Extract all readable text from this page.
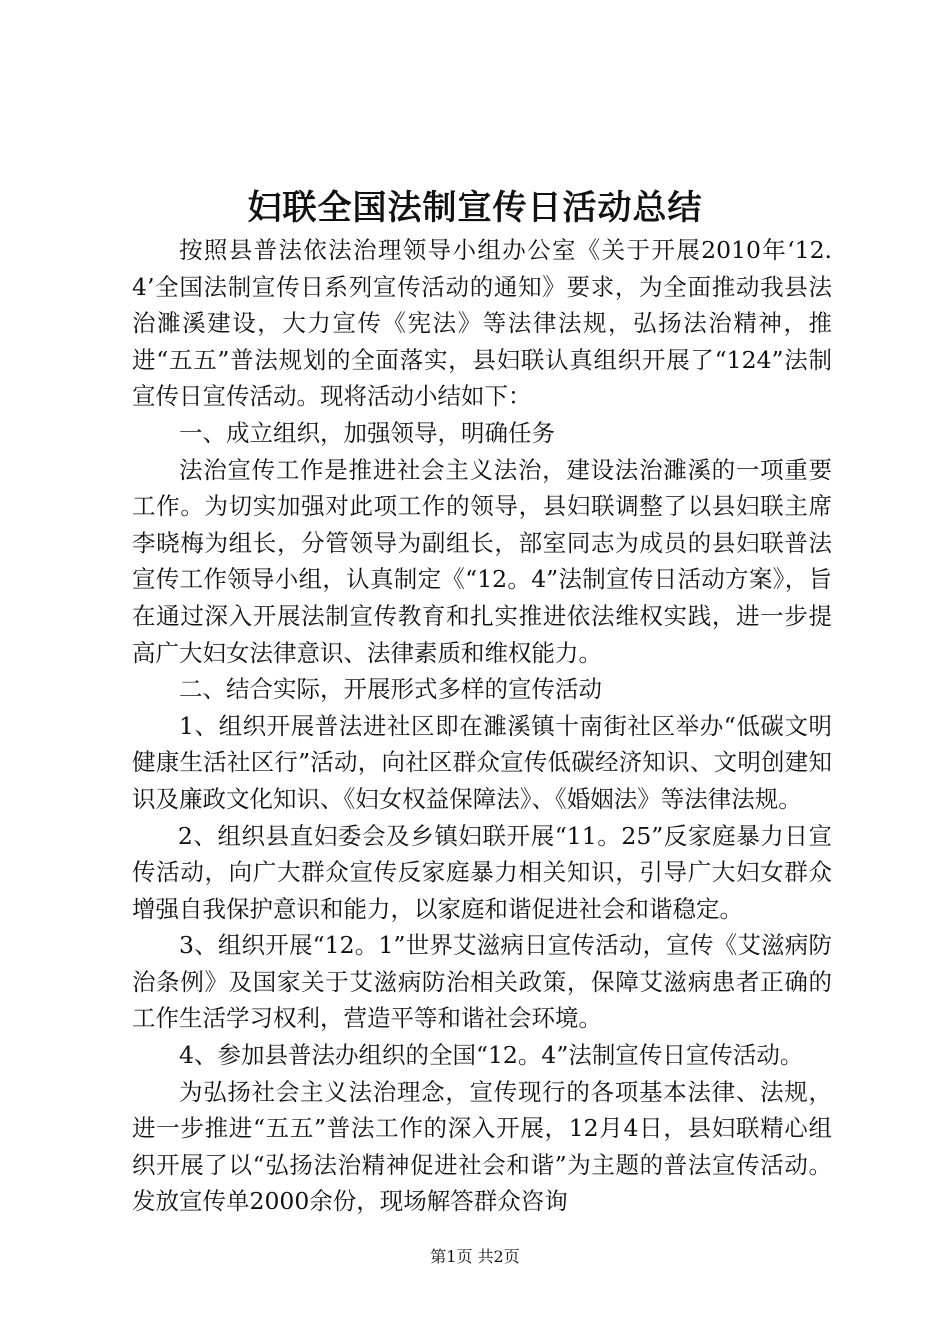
妇联全国法制宣传日活动总结

按照县普法依法治理领导小组办公室《关于开展2010年‘12.4’全国法制宣传日系列宣传活动的通知》要求，为全面推动我县法治濉溪建设，大力宣传《宪法》等法律法规，弘扬法治精神，推进“五五”普法规划的全面落实，县妇联认真组织开展了“124”法制宣传日宣传活动。现将活动小结如下：

一、成立组织，加强领导，明确任务

法治宣传工作是推进社会主义法治，建设法治濉溪的一项重要工作。为切实加强对此项工作的领导，县妇联调整了以县妇联主席李晓梅为组长，分管领导为副组长，部室同志为成员的县妇联普法宣传工作领导小组，认真制定《“12。4”法制宣传日活动方案》，旨在通过深入开展法制宣传教育和扎实推进依法维权实践，进一步提高广大妇女法律意识、法律素质和维权能力。

二、结合实际，开展形式多样的宣传活动

1、组织开展普法进社区即在濉溪镇十南街社区举办“低碳文明健康生活社区行”活动，向社区群众宣传低碳经济知识、文明创建知识及廉政文化知识、《妇女权益保障法》、《婚姻法》等法律法规。

2、组织县直妇委会及乡镇妇联开展“11。25”反家庭暴力日宣传活动，向广大群众宣传反家庭暴力相关知识，引导广大妇女群众增强自我保护意识和能力，以家庭和谐促进社会和谐稳定。

3、组织开展“12。1”世界艾滋病日宣传活动，宣传《艾滋病防治条例》及国家关于艾滋病防治相关政策，保障艾滋病患者正确的工作生活学习权利，营造平等和谐社会环境。

4、参加县普法办组织的全国“12。4”法制宣传日宣传活动。

为弘扬社会主义法治理念，宣传现行的各项基本法律、法规，进一步推进“五五”普法工作的深入开展，12月4日，县妇联精心组织开展了以“弘扬法治精神促进社会和谐”为主题的普法宣传活动。发放宣传单2000余份，现场解答群众咨询

第1页 共2页
